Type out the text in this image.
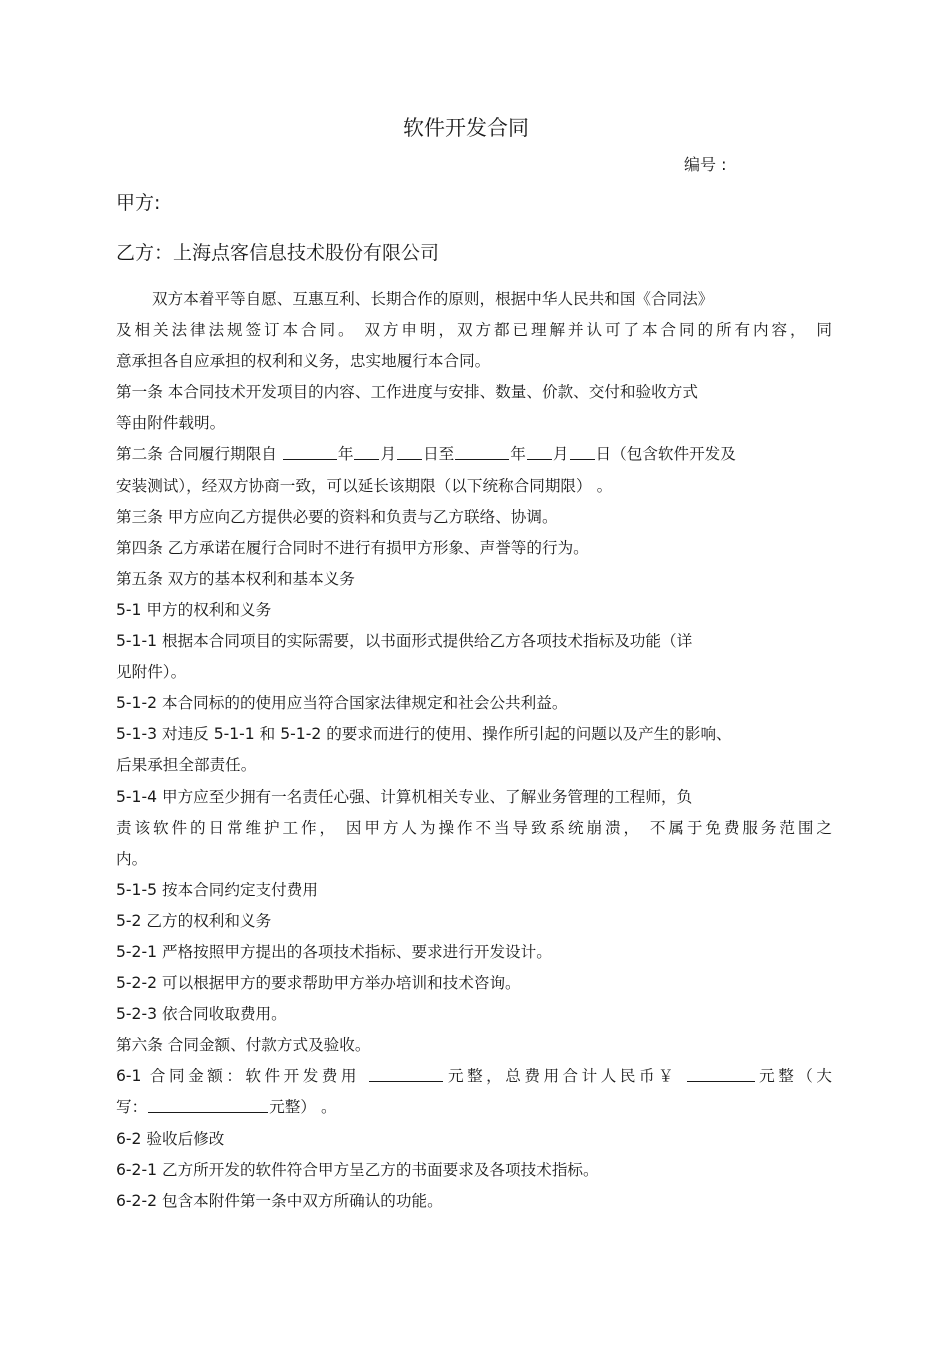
软件开发合同
编号 :
甲方:
乙方：上海点客信息技术股份有限公司
双方本着平等自愿、互惠互利、长期合作的原则，根据中华人民共和国《合同法》
及相关法律法规签订本合同。 双方申明，双方都已理解并认可了本合同的所有内容， 同
意承担各自应承担的权利和义务，忠实地履行本合同。
第一条 本合同技术开发项目的内容、工作进度与安排、数量、价款、交付和验收方式
等由附件载明。
第二条 合同履行期限自	年 月 日至	年 月 日（包含软件开发及
安装测试），经双方协商一致，可以延长该期限（以下统称合同期限） 。
第三条 甲方应向乙方提供必要的资料和负责与乙方联络、协调。
第四条 乙方承诺在履行合同时不进行有损甲方形象、声誉等的行为。
第五条 双方的基本权利和基本义务
5-1 甲方的权利和义务
5-1-1 根据本合同项目的实际需要，以书面形式提供给乙方各项技术指标及功能（详
见附件）。
5-1-2 本合同标的的使用应当符合国家法律规定和社会公共利益。
5-1-3 对违反 5-1-1 和 5-1-2 的要求而进行的使用、操作所引起的问题以及产生的影响、
后果承担全部责任。
5-1-4 甲方应至少拥有一名责任心强、计算机相关专业、了解业务管理的工程师，负
责该软件的日常维护工作， 因甲方人为操作不当导致系统崩溃， 不属于免费服务范围之
内。
5-1-5 按本合同约定支付费用
5-2 乙方的权利和义务
5-2-1 严格按照甲方提出的各项技术指标、要求进行开发设计。
5-2-2 可以根据甲方的要求帮助甲方举办培训和技术咨询。
5-2-3 依合同收取费用。
第六条 合同金额、付款方式及验收。
6-1 合同金额：软件开发费用	元整，总费用合计人民币￥	元整（大
写：	元整） 。
6-2 验收后修改
6-2-1 乙方所开发的软件符合甲方呈乙方的书面要求及各项技术指标。
6-2-2 包含本附件第一条中双方所确认的功能。
